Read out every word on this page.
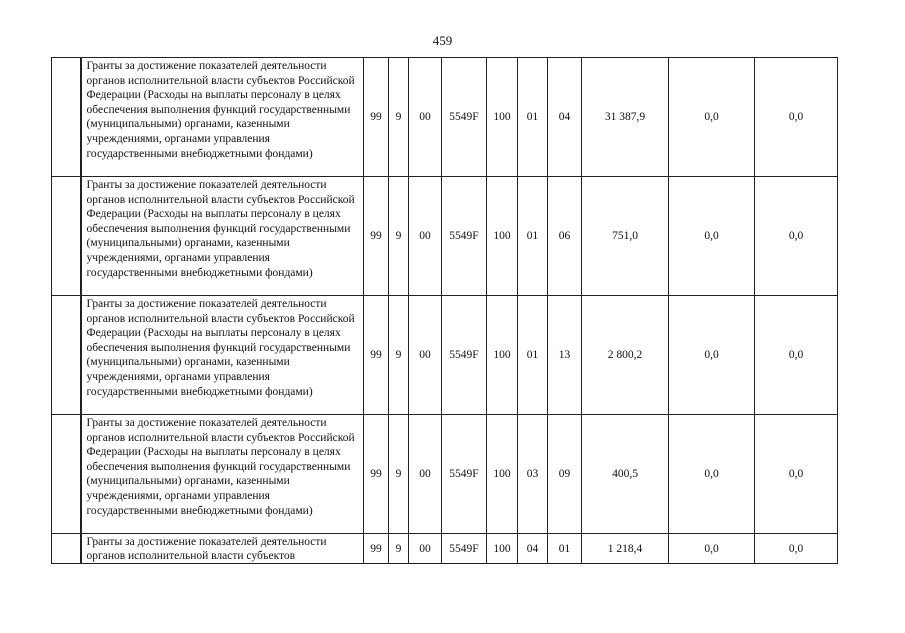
459
	Гранты за достижение показателей деятельности органов исполнительной власти субъектов Российской Федерации (Расходы на выплаты персоналу в целях обеспечения выполнения функций государственными (муниципальными) органами, казенными учреждениями, органами управления государственными внебюджетными фондами)	99	9	00	5549F	100	01	04	31 387,9	0,0	0,0
	Гранты за достижение показателей деятельности органов исполнительной власти субъектов Российской Федерации (Расходы на выплаты персоналу в целях обеспечения выполнения функций государственными (муниципальными) органами, казенными учреждениями, органами управления государственными внебюджетными фондами)	99	9	00	5549F	100	01	06	751,0	0,0	0,0
	Гранты за достижение показателей деятельности органов исполнительной власти субъектов Российской Федерации (Расходы на выплаты персоналу в целях обеспечения выполнения функций государственными (муниципальными) органами, казенными учреждениями, органами управления государственными внебюджетными фондами)	99	9	00	5549F	100	01	13	2 800,2	0,0	0,0
	Гранты за достижение показателей деятельности органов исполнительной власти субъектов Российской Федерации (Расходы на выплаты персоналу в целях обеспечения выполнения функций государственными (муниципальными) органами, казенными учреждениями, органами управления государственными внебюджетными фондами)	99	9	00	5549F	100	03	09	400,5	0,0	0,0
	Гранты за достижение показателей деятельности органов исполнительной власти субъектов	99	9	00	5549F	100	04	01	1 218,4	0,0	0,0
